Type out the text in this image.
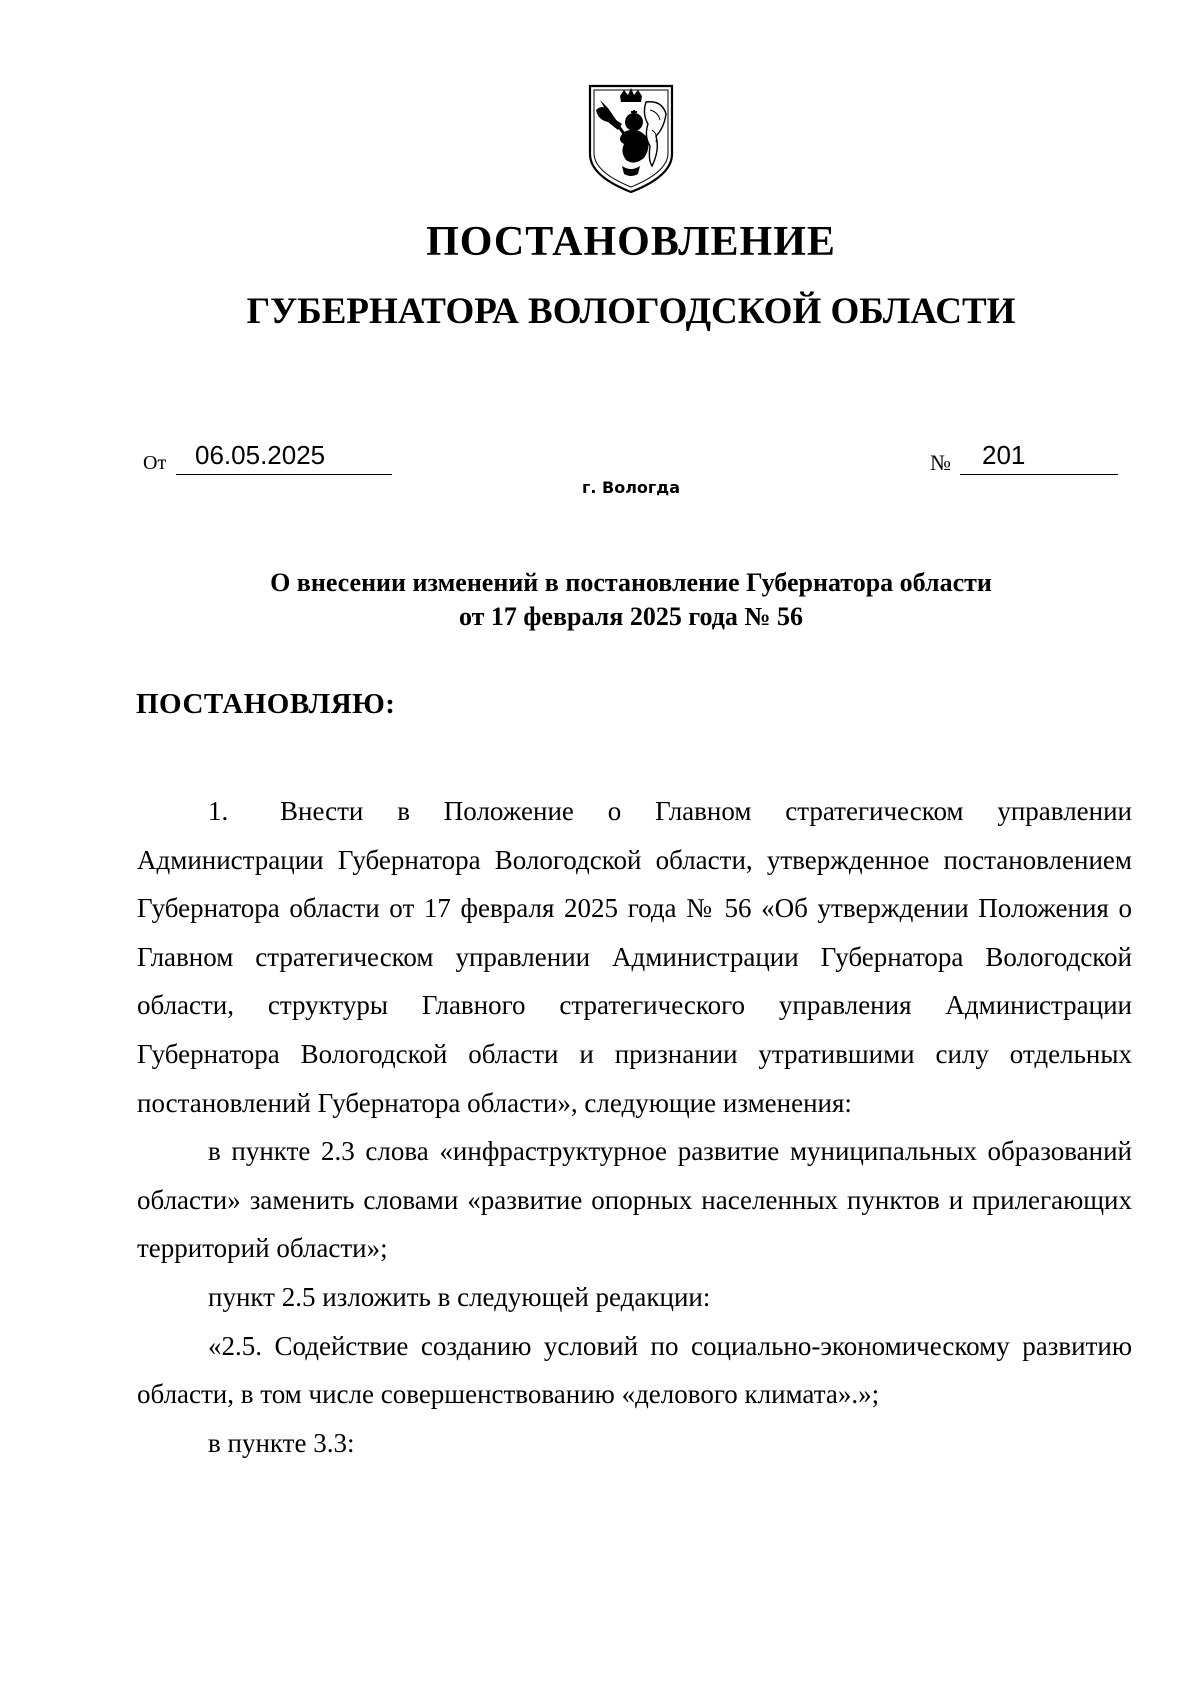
ПОСТАНОВЛЕНИЕ
ГУБЕРНАТОРА ВОЛОГОДСКОЙ ОБЛАСТИ
От 06.05.2025	№ 201
г. Вологда
О внесении изменений в постановление Губернатора области
от 17 февраля 2025 года № 56
ПОСТАНОВЛЯЮ:

1. Внести в Положение о Главном стратегическом управлении Администрации Губернатора Вологодской области, утвержденное постановлением Губернатора области от 17 февраля 2025 года № 56 «Об утверждении Положения о Главном стратегическом управлении Администрации Губернатора Вологодской области, структуры Главного стратегического управления Администрации Губернатора Вологодской области и признании утратившими силу отдельных постановлений Губернатора области», следующие изменения:

в пункте 2.3 слова «инфраструктурное развитие муниципальных образований области» заменить словами «развитие опорных населенных пунктов и прилегающих территорий области»;

пункт 2.5 изложить в следующей редакции:

«2.5. Содействие созданию условий по социально-экономическому развитию области, в том числе совершенствованию «делового климата».»;

в пункте 3.3:
